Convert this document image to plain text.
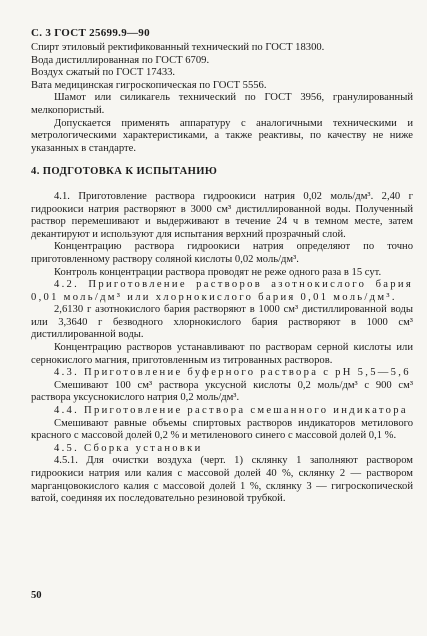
С. 3 ГОСТ 25699.9—90

Спирт этиловый ректификованный технический по ГОСТ 18300.

Вода дистиллированная по ГОСТ 6709.

Воздух сжатый по ГОСТ 17433.

Вата медицинская гигроскопическая по ГОСТ 5556.

Шамот или силикагель технический по ГОСТ 3956, гранулированный мелкопористый.

Допускается применять аппаратуру с аналогичными техническими и метрологическими характеристиками, а также реактивы, по качеству не ниже указанных в стандарте.

4. ПОДГОТОВКА К ИСПЫТАНИЮ

4.1. Приготовление раствора гидроокиси натрия 0,02 моль/дм³. 2,40 г гидроокиси натрия растворяют в 3000 см³ дистиллированной воды. Полученный раствор перемешивают и выдерживают в течение 24 ч в темном месте, затем декантируют и используют для испытания верхний прозрачный слой.

Концентрацию раствора гидроокиси натрия определяют по точно приготовленному раствору соляной кислоты 0,02 моль/дм³.

Контроль концентрации раствора проводят не реже одного раза в 15 сут.

4.2. Приготовление растворов азотнокислого бария 0,01 моль/дм³ или хлорнокислого бария 0,01 моль/дм³.

2,6130 г азотнокислого бария растворяют в 1000 см³ дистиллированной воды или 3,3640 г безводного хлорнокислого бария растворяют в 1000 см³ дистиллированной воды.

Концентрацию растворов устанавливают по растворам серной кислоты или сернокислого магния, приготовленным из титрованных растворов.

4.3. Приготовление буферного раствора с pH 5,5—5,6

Смешивают 100 см³ раствора уксусной кислоты 0,2 моль/дм³ с 900 см³ раствора уксуснокислого натрия 0,2 моль/дм³.

4.4. Приготовление раствора смешанного индикатора

Смешивают равные объемы спиртовых растворов индикаторов метилового красного с массовой долей 0,2 % и метиленового синего с массовой долей 0,1 %.

4.5. Сборка установки

4.5.1. Для очистки воздуха (черт. 1) склянку 1 заполняют раствором гидроокиси натрия или калия с массовой долей 40 %, склянку 2 — раствором марганцовокислого калия с массовой долей 1 %, склянку 3 — гигроскопической ватой, соединяя их последовательно резиновой трубкой.

50
